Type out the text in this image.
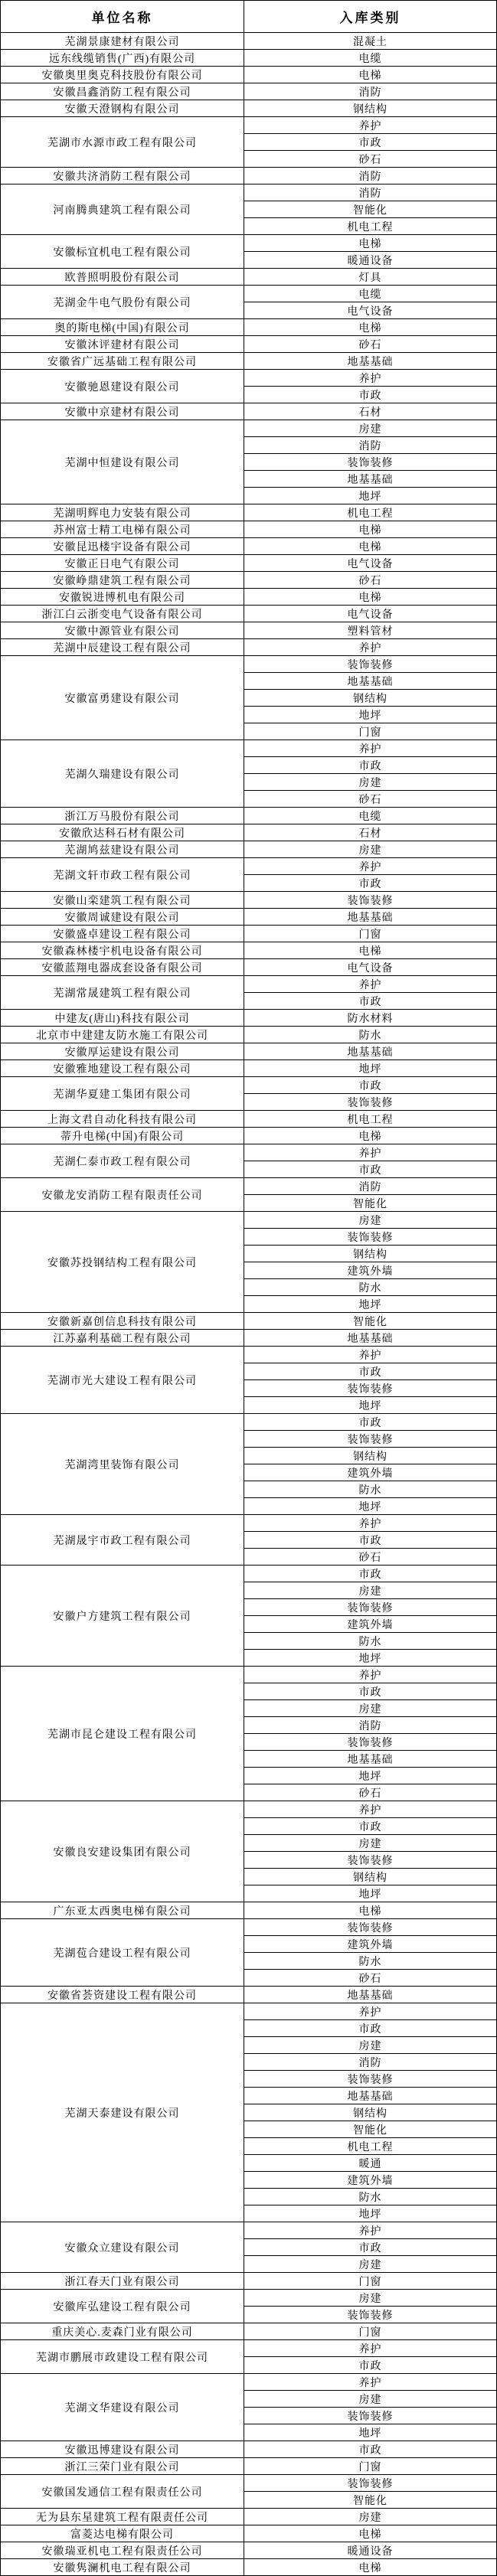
单位名称	入库类别
芜湖景康建材有限公司	混凝土
远东线缆销售(广西)有限公司	电缆
安徽奥里奥克科技股份有限公司	电梯
安徽昌鑫消防工程有限公司	消防
安徽天澄钢构有限公司	钢结构
芜湖市水源市政工程有限公司	养护
	市政
	砂石
安徽共济消防工程有限公司	消防
河南腾典建筑工程有限公司	消防
	智能化
	机电工程
安徽标宜机电工程有限公司	电梯
	暖通设备
欧普照明股份有限公司	灯具
芜湖金牛电气股份有限公司	电缆
	电气设备
奥的斯电梯(中国)有限公司	电梯
安徽沐评建材有限公司	砂石
安徽省广远基础工程有限公司	地基基础
安徽驰恩建设有限公司	养护
	市政
安徽中京建材有限公司	石材
芜湖中恒建设有限公司	房建
	消防
	装饰装修
	地基基础
	地坪
芜湖明辉电力安装有限公司	机电工程
苏州富士精工电梯有限公司	电梯
安徽昆迅楼宇设备有限公司	电梯
安徽正日电气有限公司	电气设备
安徽峥鼎建筑工程有限公司	砂石
安徽锐进博机电有限公司	电梯
浙江白云浙变电气设备有限公司	电气设备
安徽中源管业有限公司	塑料管材
芜湖中辰建设工程有限公司	养护
安徽富勇建设有限公司	装饰装修
	地基基础
	钢结构
	地坪
	门窗
芜湖久瑞建设有限公司	养护
	市政
	房建
	砂石
浙江万马股份有限公司	电缆
安徽欣达科石材有限公司	石材
芜湖鸠兹建设有限公司	房建
芜湖文轩市政工程有限公司	养护
	市政
安徽山栾建筑工程有限公司	装饰装修
安徽周诚建设有限公司	地基基础
安徽盛卓建设工程有限公司	门窗
安徽森林楼宇机电设备有限公司	电梯
安徽蓝翔电器成套设备有限公司	电气设备
芜湖常晟建筑工程有限公司	养护
	市政
中建友(唐山)科技有限公司	防水材料
北京市中建建友防水施工有限公司	防水
安徽厚运建设有限公司	地基基础
安徽雅地建设工程有限公司	地坪
芜湖华夏建工集团有限公司	市政
	装饰装修
上海文君自动化科技有限公司	机电工程
蒂升电梯(中国)有限公司	电梯
芜湖仁泰市政工程有限公司	养护
	市政
安徽龙安消防工程有限责任公司	消防
	智能化
安徽苏投钢结构工程有限公司	房建
	装饰装修
	钢结构
	建筑外墙
	防水
	地坪
安徽新嘉创信息科技有限公司	智能化
江苏嘉利基础工程有限公司	地基基础
芜湖市光大建设工程有限公司	养护
	市政
	装饰装修
	地坪
芜湖湾里装饰有限公司	市政
	装饰装修
	钢结构
	建筑外墙
	防水
	地坪
芜湖晟宇市政工程有限公司	养护
	市政
	砂石
安徽户方建筑工程有限公司	市政
	房建
	装饰装修
	建筑外墙
	防水
	地坪
芜湖市昆仑建设工程有限公司	养护
	市政
	房建
	消防
	装饰装修
	地基基础
	地坪
	砂石
安徽良安建设集团有限公司	养护
	市政
	房建
	装饰装修
	钢结构
	地坪
广东亚太西奥电梯有限公司	电梯
芜湖苞合建设工程有限公司	装饰装修
	建筑外墙
	防水
	砂石
安徽省荟资建设工程有限公司	地基基础
芜湖天泰建设有限公司	养护
	市政
	房建
	消防
	装饰装修
	地基基础
	钢结构
	智能化
	机电工程
	暖通
	建筑外墙
	防水
	地坪
安徽众立建设有限公司	养护
	市政
	房建
浙江春天门业有限公司	门窗
安徽库弘建设工程有限公司	房建
	装饰装修
重庆美心.麦森门业有限公司	门窗
芜湖市鹏展市政建设工程有限公司	养护
	市政
芜湖文华建设有限公司	养护
	房建
	装饰装修
	地坪
安徽迅博建设有限公司	市政
浙江三荣门业有限公司	门窗
安徽国发通信工程有限责任公司	装饰装修
	智能化
无为县东星建筑工程有限责任公司	房建
富菱达电梯有限公司	电梯
安徽瑞亚机电工程有限责任公司	暖通设备
安徽隽澜机电工程有限公司	电梯
